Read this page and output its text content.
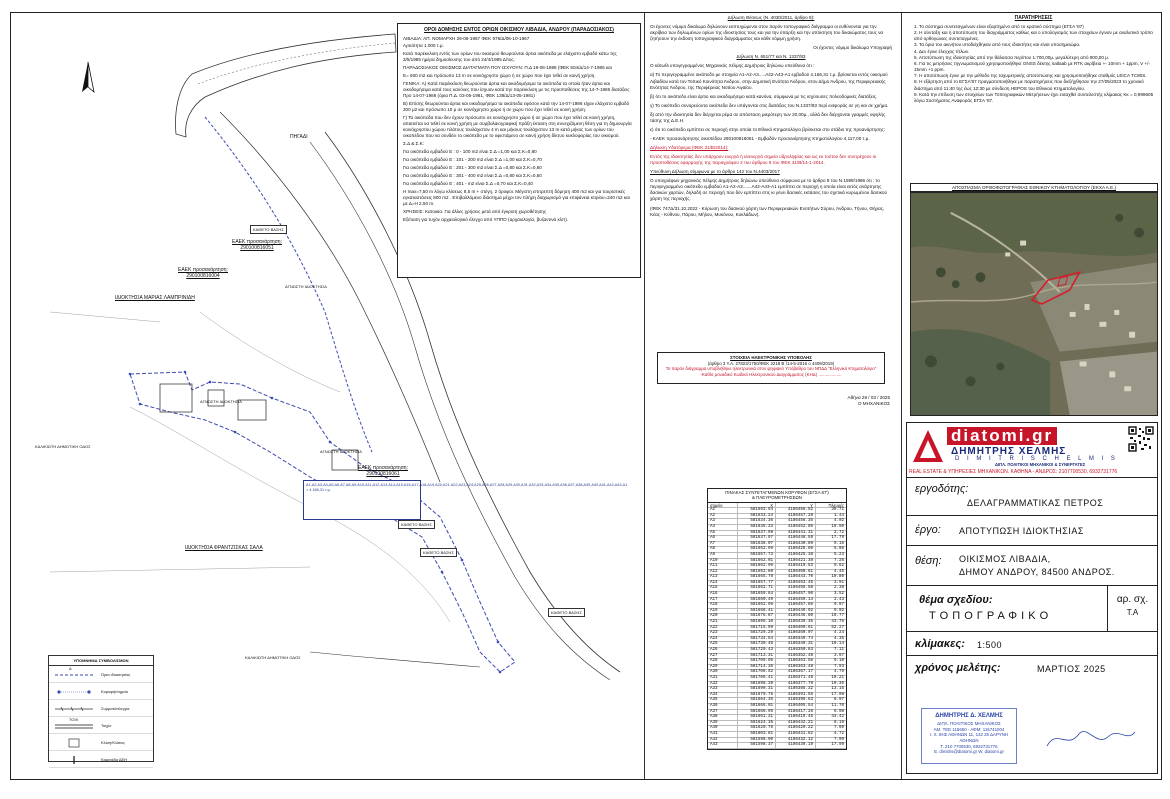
ΟΡΟΙ ΔΟΜΗΣΗΣ ΕΝΤΟΣ ΟΡΙΩΝ ΟΙΚΙΣΜΟΥ ΛΙΒΑΔΙΑ, ΑΝΔΡΟΥ (ΠΑΡΑΔΟΣΙΑΚΟΣ)

ΛΙΒΑΔΙΑ: ΑΠ. ΝΟΜΑΡΧΗ 29-06-1967 ΦΕΚ 976/Δ/06-10-1967

Αρτιότητα 1.000 τ.μ.

Κατά παρέκκλιση εντός των ορίων του οικισμού θεωρούνται άρτια οικόπεδα με ελάχιστο εμβαδό κάτω της 3/5/1985 ημέρα δημοσίευσης του από 24/4/1985 Δ/τος.

ΠΑΡΑΔΟΣΙΑΚΟΣ ΟΙΚΙΣΜΟΣ ΔΙΑΤΑΓΜΑΤΑ ΠΟΥ ΙΣΧΥΟΥΝ: Π.Δ 19-06-1986 (ΦΕΚ 504/Δ/14-7-1986 και

Ε= 600 m2 και πρόσωπο 13 m σε κοινόχρηστο χώρο ή σε χώρο που έχει τεθεί σε κοινή χρήση.

ΓΕΝΙΚΑ: Α) Κατά παρέκκλιση θεωρούνται άρτια και οικοδομήσιμα τα οικόπεδα τα οποία ήταν άρτια και οικοδομήσιμα κατά τους κανόνες που ίσχυαν κατά την παρέκκλιση με τις προϋποθέσεις της 14-7-1986 διατάξεις Προ 14-07-1986 (όρια Π.Δ. 03-05-1981, ΦΕΚ 138/Δ/13-05-1981)

Β) Επίσης θεωρούνται άρτια και οικοδομήσιμα τα οικόπεδα εφόσον κατά την 14-07-1986 είχαν ελάχιστο εμβαδό 300 μ2 και πρόσωπο 10 μ σε κοινόχρηστο χώρο ή σε χώρο που έχει τεθεί σε κοινή χρήση.

Γ) Τα οικόπεδα που δεν έχουν πρόσωπο σε κοινόχρηστο χώρο ή σε χώρο που έχει τεθεί σε κοινή χρήση, απαιτείται να τεθεί σε κοινή χρήση με συμβολαιογραφική πράξη έκταση στη συνεχιζόμενη θέση για τη δημιουργία κοινόχρηστου χώρου πλάτους τουλάχιστον 4 m και μήκους τουλάχιστον 13 m κατά μήκος των ορίων του οικοπέδου που να συνδέει το οικόπεδο με το υφιστάμενο σε κοινή χρήση δίκτυο κυκλοφορίας του οικισμού.

Σ.Δ & Σ.Κ:

Για οικόπεδα εμβαδού Ε : 0 - 100 m2 είναι Σ.Δ =1,00 και Σ.Κ=0,80

Για οικόπεδα εμβαδού Ε : 101 - 200 m2 είναι Σ.Δ =1,00 και Σ.Κ=0,70

Για οικόπεδα εμβαδού Ε : 201 - 300 m2 είναι Σ.Δ =0,80 και Σ.Κ=0,60

Για οικόπεδα εμβαδού Ε : 301 - 400 m2 είναι Σ.Δ =0,80 και Σ.Κ=0,50

Για οικόπεδα εμβαδού Ε : 401 - m2 είναι Σ.Δ =0,70 και Σ.Κ=0,40

H max=7,50 m λόγω κλίσεως 8,5 m + στέγη, 2 όροφοι. Μέγιστη επιτρεπτή δόμηση 400 m2 και για τουριστικές εγκαταστάσεις 800 m2 . Επιβαλλόμενο διάστημα μέχρι τον πλήρη διαχωρισμό για επιφάνεια κτιρίου=240 m2 και με Δ=Η 2,50 m.

ΧΡΗΣΕΙΣ: Κατοικία. Για άλλες χρήσεις μετά από έγκριση χωροθέτησης

Εξέταση για τυχόν αρχαιολογικό έλεγχο από ΥΠΠΟ (αρχαιολογία, βυζαντινά κλπ).

ΠΗΓΑΔΙ
ΕΑΕΚ προσανάρτηση: 290100816051
ΕΑΕΚ προσανάρτηση: 290100816004
ΙΔΙΟΚΤΗΣΙΑ ΜΑΡΙΑΣ ΛΑΜΠΡΙΝΙΔΗ
ΑΓΝΩΣΤΗ ΙΔΙΟΚΤΗΣΙΑ
ΑΓΝΩΣΤΗ ΙΔΙΟΚΤΗΣΙΑ
ΑΓΝΩΣΤΗ ΙΔΙΟΚΤΗΣΙΑ
ΚΑΛΙΚΙΩΤΗ ΔΗΜΟΤΙΚΗ ΟΔΟΣ
ΚΑΛΙΚΙΩΤΗ ΔΗΜΟΤΙΚΗ ΟΔΟΣ
ΕΑΕΚ προσανάρτηση: 290100816061
ΙΔΙΟΚΤΗΣΙΑ ΦΡΑΝΤΖΙΣΚΑΣ ΣΑΛΑ
ΚΑΘΕΤΟ ΒΑΣΗΣ
ΚΑΘΕΤΟ ΒΑΣΗΣ
ΚΑΘΕΤΟ ΒΑΣΗΣ
ΚΑΘΕΤΟ ΒΑΣΗΣ
Α1,Α2,Α3,Α4,Α5,Α6,Α7,Α8,Α9,Α10,Α11,Α12,Α13,Α14,Α15,Α16,Α17,Α18,Α19,Α20,Α21,Α22,Α23,Α24,Α25,Α26,Α27,Α28,Α29,Α30,Α31,Α32,Α33,Α34,Α35,Α36,Α37,Α38,Α39,Α40,Α41,Α42,Α43,Α1 = 4.166,31 τ.μ.
ΥΠΟΜΝΗΜΑ ΣΥΜΒΟΛΙΣΜΩΝ
Α
Όρια ιδιοκτησίας
Κορυφή/σημείο
Συρματόπλεγμα
ΤΟΙΧ
Τοιχίο
Κλίση/Κλίσεις
Καμινάδα ΔΕΗ

Δήλωση Θέσεως (Ν. 4030/2011, άρθρο 8):

Οι έχοντες νόμιμο δικαίωμα δηλώνουν εκπτυχώμενοι στον παρόν τοπογραφικό διάγραμμα οι ευθύνονται για την ακρίβεια των δηλωμένων ορίων της ιδιοκτησίας τους και για την ύπαρξη και την απόκτηση του δικαιώματος τους να ζητήσουν την έκδοση τοπογραφικού διαγράμματος και κάθε νόμιμη χρήση.

Οι έχοντες νόμιμο δικαίωμα Υπογραφή

Δήλωση Ν. 651/77 και Ν. 1337/83

Ο κάτωθι υπογεγραμμένος Μηχανικός Χέλμης Δημήτριος δηλώνω υπεύθυνα ότι :

α) Το περιγεγραμμένο οικόπεδο με στοιχεία Α1-Α2-Α3.....Α42-Α43-Α1 εμβαδού 4.166,31 τ.μ. βρίσκεται εντός οικισμού Λιβαδίου κατά τον Τοπικό Κοινότητα Άνδρου, στην Δημοτική Ενότητα Άνδρου, στον Δήμο Άνδρου, της Περιφερειακής Ενότητας Άνδρου, της Περιφέρειας Νοτίου Αιγαίου.

β) ότι το οικόπεδο είναι άρτιο και οικοδομήσιμο κατά κανόνα, σύμφωνα με τις ισχύουσες πολεοδομικές διατάξεις.

γ) Το οικόπεδο συνορεύοντα οικόπεδα δεν υπάγονται στις διατάξεις του Ν.1337/83 περί εισφοράς σε γη και σε χρήμα.

δ) από την ιδιοκτησία δεν διέρχεται ρέμα σε απόσταση μικρότερη των 20,00μ., αλλά δεν διέρχονται γραμμές υψηλής τάσης της Δ.Ε.Η.

ε) ότι το οικόπεδο εμπίπτει σε περιοχή στην οποία το Εθνικό Κτηματολόγιο βρίσκεται στο στάδιο της προανάρτησης:

- ΚΑΕΚ προσανάρτησης οικοπέδου 290100816061 - Εμβαδόν προσανάρτησης Κτηματολογίου 4.117,00 τ.μ.

Δήλωση Υδατόρεμα (ΦΕΚ 31/Β/2014):

Εντός της ιδιοκτησίας δεν υπάρχουν ενεργά ή ανενεργά σημεία υδροληψίας και ως εκ τούτου δεν συντρέχουν οι προϋποθέσεις εφαρμογής της παραγράφου 2 του άρθρου 8 του ΦΕΚ 31/Β/14-1-2014.

Υπεύθυνη Δήλωση σύμφωνα με το άρθρο 142 του Ν.4403/2017

Ο υπογράφων μηχανικός Χέλμης Δημήτριος δηλώνω υπεύθυνα σύμφωνα με το άρθρο 8 του Ν.1599/1986 ότι : το περιγεγραμμένο οικόπεδο εμβαδού Α1-Α2-Α3.......Α42-Α43-Α1 εμπίπτει σε περιοχή η οποία είναι εκτός ανάρτησης δασικών χαρτών, δηλαδή σε περιοχή που δεν εμπίπτει στις κι γένει δασικές εκτάσεις του σχετικά κυρωμένου δασικού χάρτη της περιοχής.

(ΦΕΚ 747Δ/31.10.2022 - Κύρωση του δασικού χάρτη των Περιφερειακών Ενοτήτων Σύρου, Άνδρου, Τήνου, Θήρας, Κέας - Κύθνου, Πάρου, Μήλου, Μυκόνου, Κυκλάδων).

ΣΤΟΙΧΕΙΑ ΗΛΕΚΤΡΟΝΙΚΗΣ ΥΠΟΒΟΛΗΣ
(άρθρο 3 Υ.Α. 27823/1750/ΦΕΚ 2218 Β΄/14-5-2016 ο 4409/2019)
Το παρόν διάγραμμα υποβλήθηκε ηλεκτρονικά στον ψηφιακό Υπόβαθρο του ΝΠΔΔ "Ελληνικό Κτηματολόγιο" -Καθίσ μοναδικό Κωδικό Ηλεκτρονικού Διαγράμματος (ΚΗΔ) ...................
Αθήνα 28 / 03 / 2025
Ο ΜΗΧΑΝΙΚΟΣ
ΠΙΝΑΚΑΣ ΣΥΝΤΕΤΑΓΜΕΝΩΝ ΚΟΡΥΦΩΝ (ΕΓΣΑ 87')
& ΠΛΕΥΡΟΜΕΤΡΗΣΕΩΝ
σημείο	Χ	Υ	Πλευρές
A1	581593.54	4186456.52	39.71
A2	581633.24	4186457.28	1.44
A3	581634.36	4186456.35	4.02
A4	581636.33	4186452.86	10.50
A5	581637.98	4186441.31	2.72
A6	581637.97	4186448.59	17.79
A7	581638.07	4186430.89	9.16
A8	581652.99	4186426.60	5.86
A9	581657.73	4186425.38	5.23
A10	581662.01	4186421.38	7.26
A11	581662.96	4186410.53	9.62
A12	581662.88	4186400.61	4.45
A13	581665.78	4186443.70	10.80
A14	581657.77	4186463.45	3.91
A15	581662.71	4186456.58	2.38
A16	581659.64	4186457.90	3.52
A17	581660.49	4186459.14	2.43
A18	581662.96	4186457.86	9.87
A19	581668.41	4186449.92	9.02
A20	581676.87	4186446.80	19.77
A21	581695.10	4186439.35	43.75
A22	581715.99	4186400.61	52.27
A23	581729.29	4186350.07	4.24
A24	581734.54	4186349.74	4.35
A25	581730.46	4186349.31	10.14
A26	581720.43	4186350.83	7.11
A27	581713.31	4186352.48	3.67
A28	581709.95	4186353.56	9.10
A29	581714.35	4186363.48	7.93
A30	581708.52	4186367.17	4.79
A31	581706.41	4186371.48	10.21
A32	581698.39	4186377.79	10.35
A33	581690.31	4186385.32	13.15
A34	581679.75	4186391.55	17.08
A35	581664.35	4186399.63	6.07
A36	581666.01	4186405.54	11.70
A37	581666.95	4186417.26	6.08
A38	581661.31	4186419.45	43.42
A39	581624.35	4186442.21	8.19
A40	581620.75	4186429.22	7.60
A41	581603.81	4186431.82	4.72
A42	581598.90	4186432.12	7.09
A43	581598.37	4186439.19	17.99
ΠΑΡΑΤΗΡΗΣΕΙΣ
1. Το σύστημα συντεταγμένων είναι εξαρτημένο από το κρατικό σύστημα (ΕΓΣΑ '87)
2. Η σύνταξη και η αποτύπωση του διαγράμματος καθώς και ο υπολογισμός των στοιχείων έγιναν με αναλυτικό τρόπο από ορθογώνιες συντεταγμένες.
3. Τα όρια του ακινήτου υποδείχθηκαν από τους ιδιοκτήτες και είναι υποσημειώμα.
4. Δεν έγινε έλεγχος τίτλων.
5. Αποτύπωση της ιδιοκτησίας από την θάλασσα περίπου 1.700,00μ. μεγαλύτερη από 800,00 μ.
6. Για τις μετρήσεις τηγνωματισμού χρησιμοποιήθηκε GNSS δέκτης satlaab με RTK ακρίβεια +- 10mm + 1ppm, V +/- 15mm +1 ppm.
7. Η αποτύπωση έγινε με την μέθοδο της ταχυμετρικής αποτύπωσης και χρησιμοποιήθηκε σταθμός LEICA TC80S.
8. Η εξάρτηση από το ΕΓΣΑ'87 πραγματοποιήθηκε με παρατηρήσεις που διεξήχθησαν την 27/05/2023 το χρονικό διάστημα από 11:40 της έως 12:30 με σύνδεση ΗΕΡΟS του Εθνικού Κτηματολογίου.
9. Κατά την επίλυση των στοιχείων των Τοπογραφικών Μετρήσεων έχει εισαχθεί συντελεστής κλίμακας Κκ = 0,999605 λόγω Συστήματος Αναφοράς ΕΓΣΑ '87.
ΑΠΟΣΠΑΣΜΑ ΟΡΘΟΦΩΤΟΓΡΑΦΙΑΣ ΕΘΝΙΚΟΥ ΚΤΗΜΑΤΟΛΟΓΙΟΥ (ΕΚΧΑ Α.Ε.)
diatomi.gr
ΔΗΜΗΤΡΗΣ ΧΕΛΜΗΣ
D I M I T R I S C H E L M I S
ΔΙΠΛ. ΠΟΛΙΤΙΚΟΙ ΜΗΧΑΝΙΚΟΙ & ΣΥΝΕΡΓΑΤΕΣ
REAL ESTATE & ΥΠΗΡΕΣΙΕΣ ΜΗΧΑΝΙΚΩΝ. ΚΑΘΗΝΑ - ΑΝΔΡΟΣ: 2107700530, 6932731776
εργοδότης:
ΔΕΛΑΓΡΑΜΜΑΤΙΚΑΣ ΠΕΤΡΟΣ
έργο: ΑΠΟΤΥΠΩΣΗ ΙΔΙΟΚΤΗΣΙΑΣ
θέση: ΟΙΚΙΣΜΟΣ ΛΙΒΑΔΙΑ,
ΔΗΜΟΥ ΑΝΔΡΟΥ, 84500 ΑΝΔΡΟΣ.
θέμα σχεδίου:
Τ Ο Π Ο Γ Ρ Α Φ Ι Κ Ο
αρ. σχ.
Τ.Α
κλίμακες: 1:500
χρόνος μελέτης:	ΜΑΡΤΙΟΣ 2025
ΔΗΜΗΤΡΗΣ Δ. ΧΕΛΜΗΣ
ΔΙΠΛ. ΠΟΛΙΤΙΚΟΣ ΜΗΧΑΝΙΚΟΣ
ΑΜ. ΤΕΕ 115650 - ΑΦΜ: 115741004
Ι. Χ. 8ΗΣ ΑΘΗΝΩΝ 11, 132 25 ΔΑΡΥΝΗ ΑΘΗΝΩΝ
Τ. 210 7700530, 6932731776
Ε. dimitris@diatomi.gr W. diatomi.gr
